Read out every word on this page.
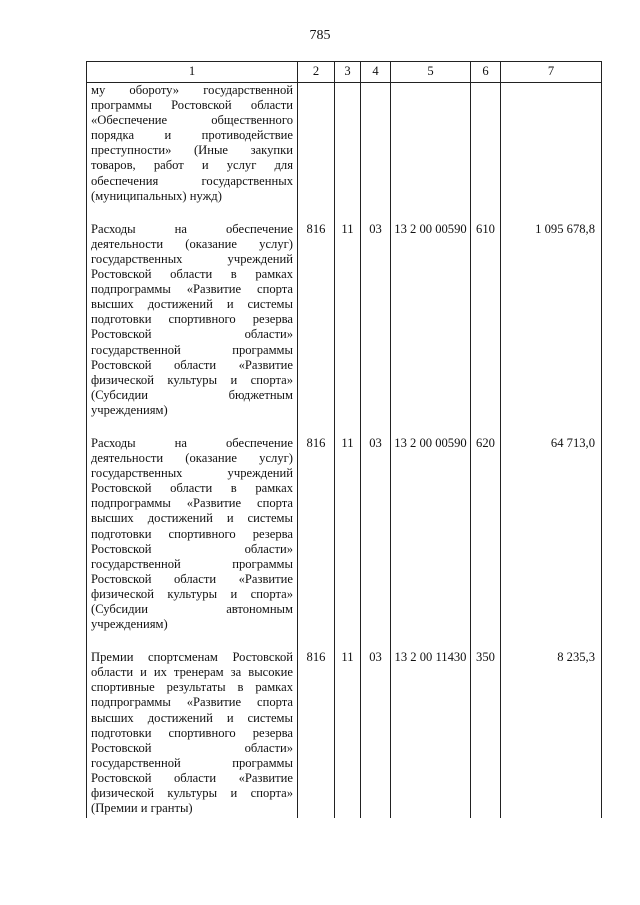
785
1	2	3	4	5	6	7
му обороту» государственной программы Ростовской области «Обеспечение общественного порядка и противодействие преступности» (Иные закупки товаров, работ и услуг для обеспечения государственных (муниципальных) нужд)						
Расходы на обеспечение деятельности (оказание услуг) государственных учреждений Ростовской области в рамках подпрограммы «Развитие спорта высших достижений и системы подготовки спортивного резерва Ростовской области» государственной программы Ростовской области «Развитие физической культуры и спорта» (Субсидии бюджетным учреждениям)	816	11	03	13 2 00 00590	610	1 095 678,8
Расходы на обеспечение деятельности (оказание услуг) государственных учреждений Ростовской области в рамках подпрограммы «Развитие спорта высших достижений и системы подготовки спортивного резерва Ростовской области» государственной программы Ростовской области «Развитие физической культуры и спорта» (Субсидии автономным учреждениям)	816	11	03	13 2 00 00590	620	64 713,0
Премии спортсменам Ростовской области и их тренерам за высокие спортивные результаты в рамках подпрограммы «Развитие спорта высших достижений и системы подготовки спортивного резерва Ростовской области» государственной программы Ростовской области «Развитие физической культуры и спорта» (Премии и гранты)	816	11	03	13 2 00 11430	350	8 235,3
